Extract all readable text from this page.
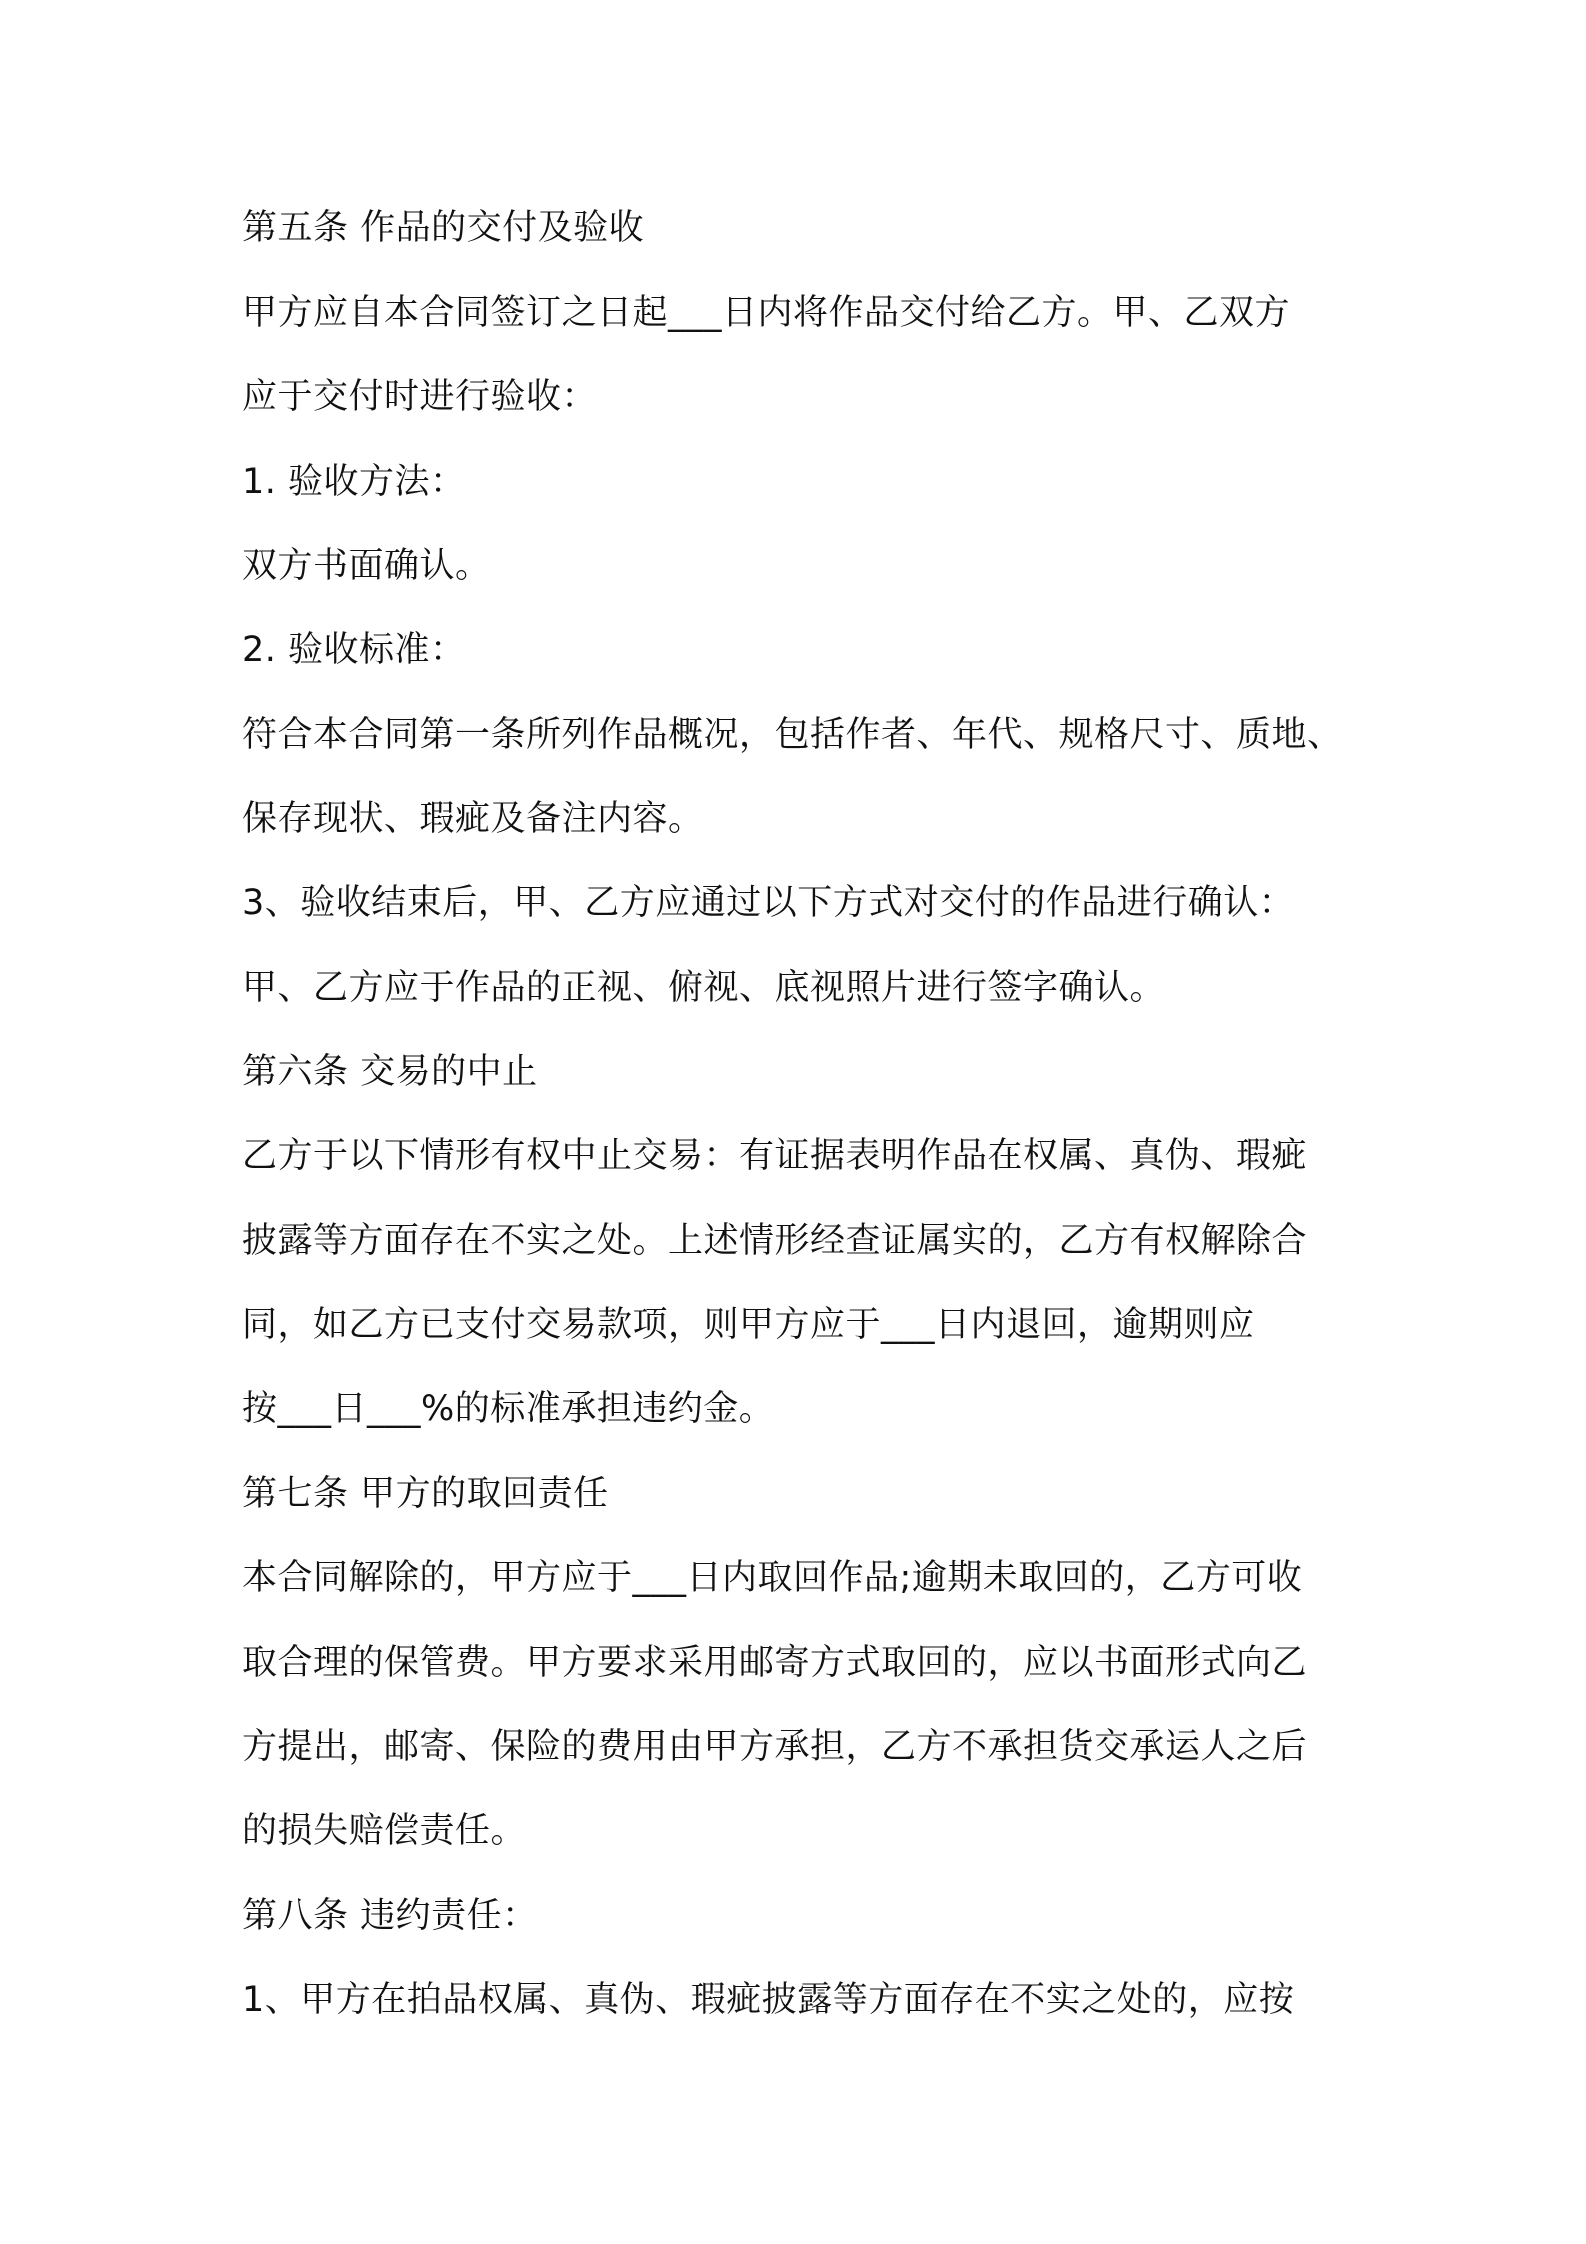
第五条 作品的交付及验收
甲方应自本合同签订之日起___日内将作品交付给乙方。甲、乙双方
应于交付时进行验收：
1. 验收方法：
双方书面确认。
2. 验收标准：
符合本合同第一条所列作品概况，包括作者、年代、规格尺寸、质地、
保存现状、瑕疵及备注内容。
3、验收结束后，甲、乙方应通过以下方式对交付的作品进行确认：
甲、乙方应于作品的正视、俯视、底视照片进行签字确认。
第六条 交易的中止
乙方于以下情形有权中止交易：有证据表明作品在权属、真伪、瑕疵
披露等方面存在不实之处。上述情形经查证属实的，乙方有权解除合
同，如乙方已支付交易款项，则甲方应于___日内退回，逾期则应
按___日___%的标准承担违约金。
第七条 甲方的取回责任
本合同解除的，甲方应于___日内取回作品;逾期未取回的，乙方可收
取合理的保管费。甲方要求采用邮寄方式取回的，应以书面形式向乙
方提出，邮寄、保险的费用由甲方承担，乙方不承担货交承运人之后
的损失赔偿责任。
第八条 违约责任：
1、甲方在拍品权属、真伪、瑕疵披露等方面存在不实之处的，应按
